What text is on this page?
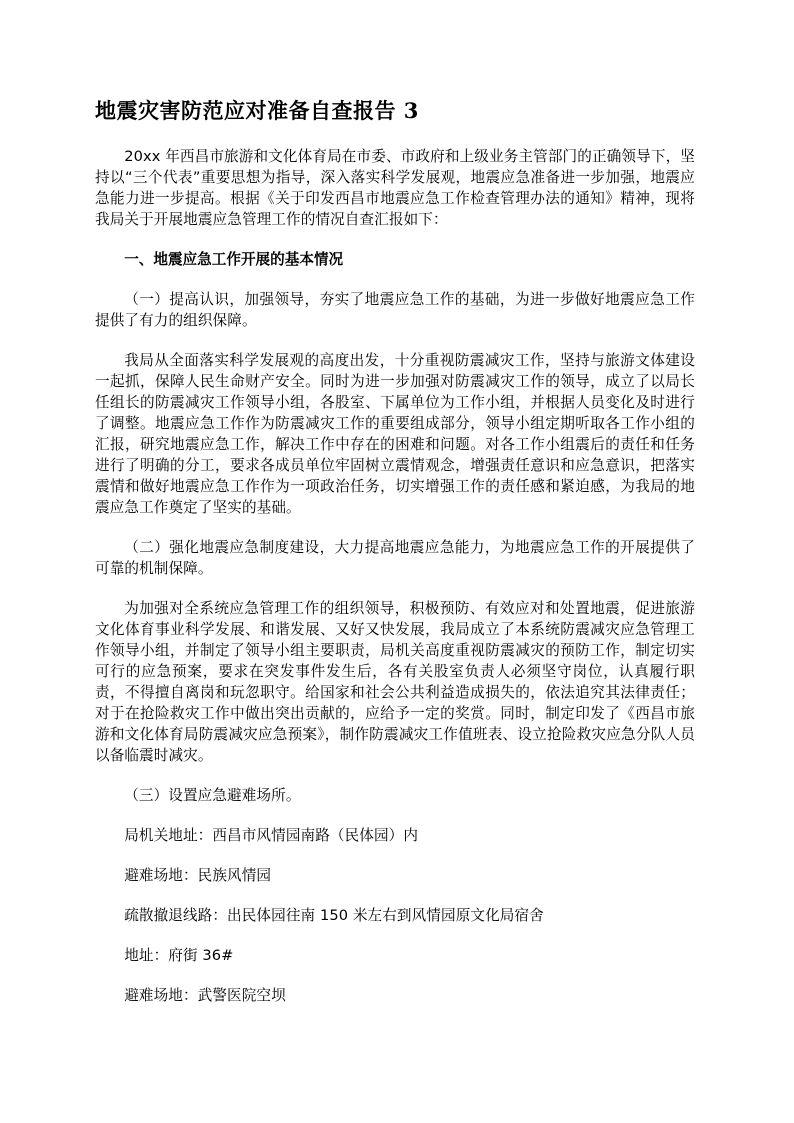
地震灾害防范应对准备自查报告 3

20xx 年西昌市旅游和文化体育局在市委、市政府和上级业务主管部门的正确领导下，坚持以“三个代表”重要思想为指导，深入落实科学发展观，地震应急准备进一步加强，地震应急能力进一步提高。根据《关于印发西昌市地震应急工作检查管理办法的通知》精神，现将我局关于开展地震应急管理工作的情况自查汇报如下：

一、地震应急工作开展的基本情况

（一）提高认识，加强领导，夯实了地震应急工作的基础，为进一步做好地震应急工作提供了有力的组织保障。

我局从全面落实科学发展观的高度出发，十分重视防震减灾工作，坚持与旅游文体建设一起抓，保障人民生命财产安全。同时为进一步加强对防震减灾工作的领导，成立了以局长任组长的防震减灾工作领导小组，各股室、下属单位为工作小组，并根据人员变化及时进行了调整。地震应急工作作为防震减灾工作的重要组成部分，领导小组定期听取各工作小组的汇报，研究地震应急工作，解决工作中存在的困难和问题。对各工作小组震后的责任和任务进行了明确的分工，要求各成员单位牢固树立震情观念，增强责任意识和应急意识，把落实震情和做好地震应急工作作为一项政治任务，切实增强工作的责任感和紧迫感，为我局的地震应急工作奠定了坚实的基础。

（二）强化地震应急制度建设，大力提高地震应急能力，为地震应急工作的开展提供了可靠的机制保障。

为加强对全系统应急管理工作的组织领导，积极预防、有效应对和处置地震，促进旅游文化体育事业科学发展、和谐发展、又好又快发展，我局成立了本系统防震减灾应急管理工作领导小组，并制定了领导小组主要职责，局机关高度重视防震减灾的预防工作，制定切实可行的应急预案，要求在突发事件发生后，各有关股室负责人必须坚守岗位，认真履行职责，不得擅自离岗和玩忽职守。给国家和社会公共利益造成损失的，依法追究其法律责任；对于在抢险救灾工作中做出突出贡献的，应给予一定的奖赏。同时，制定印发了《西昌市旅游和文化体育局防震减灾应急预案》，制作防震减灾工作值班表、设立抢险救灾应急分队人员以备临震时减灾。

（三）设置应急避难场所。

局机关地址：西昌市风情园南路（民体园）内

避难场地：民族风情园

疏散撤退线路：出民体园往南 150 米左右到风情园原文化局宿舍

地址：府街 36#

避难场地：武警医院空坝
